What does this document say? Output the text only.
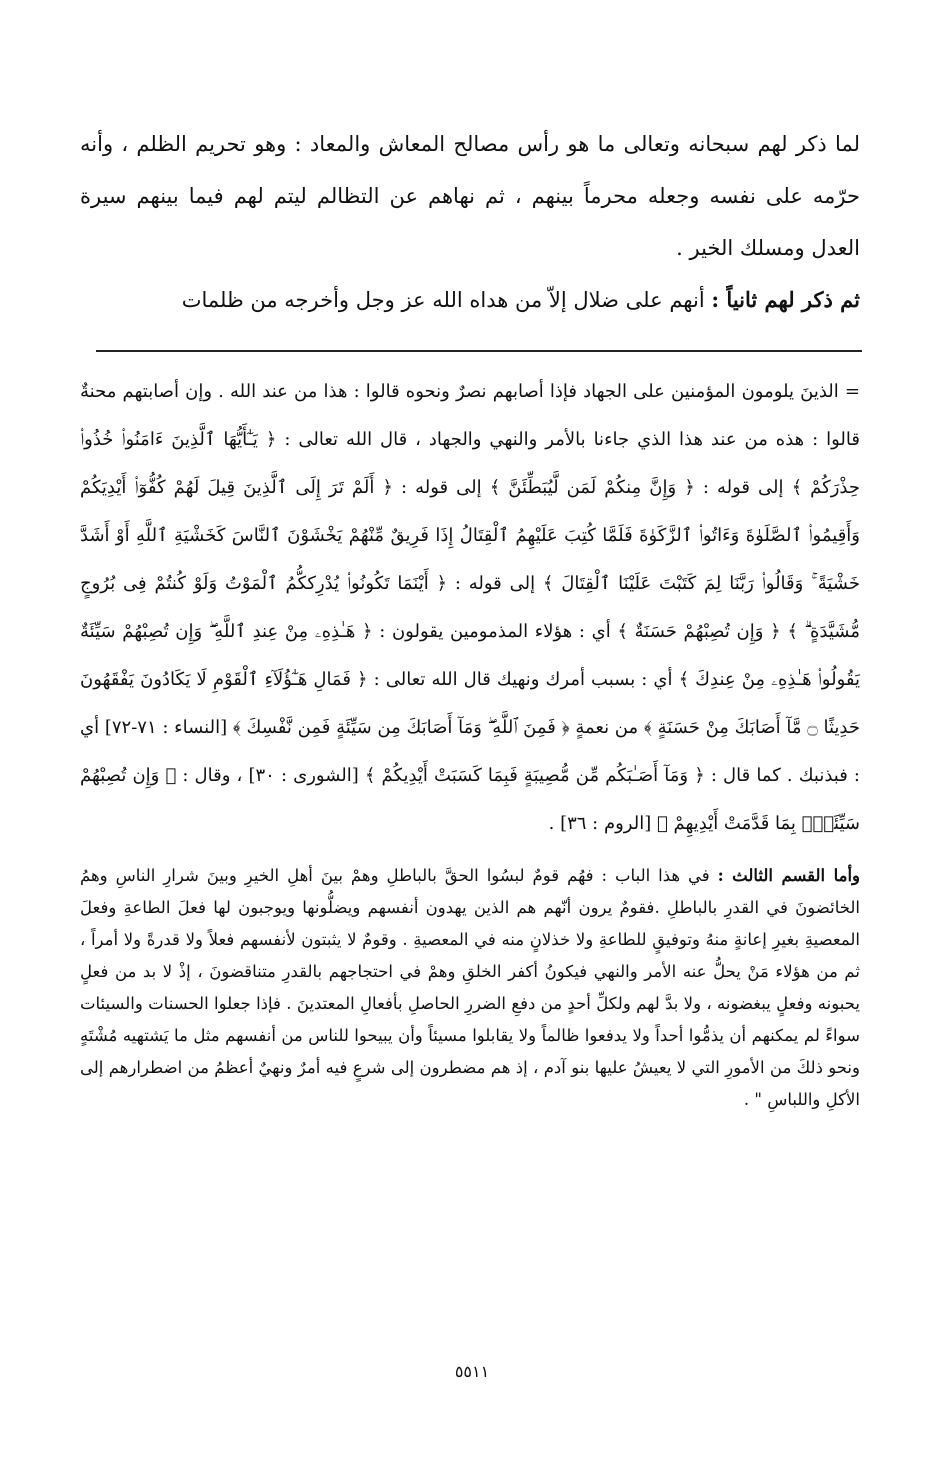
لما ذكر لهم سبحانه وتعالى ما هو رأس مصالح المعاش والمعاد : وهو تحريم الظلم ، وأنه حرّمه على نفسه وجعله محرماً بينهم ، ثم نهاهم عن التظالم ليتم لهم فيما بينهم سيرة العدل ومسلك الخير .

ثم ذكر لهم ثانياً : أنهم على ضلال إلاّ من هداه الله عز وجل وأخرجه من ظلمات

= الذينَ يلومون المؤمنين على الجهاد فإذا أصابهم نصرٌ ونحوه قالوا : هذا من عند الله . وإن أصابتهم محنةٌ قالوا : هذه من عند هذا الذي جاءنا بالأمر والنهي والجهاد ، قال الله تعالى : ﴿ يَـٰٓأَيُّهَا ٱلَّذِينَ ءَامَنُوا۟ خُذُوا۟ حِذْرَكُمْ ﴾ إلى قوله : ﴿ وَإِنَّ مِنكُمْ لَمَن لَّيُبَطِّئَنَّ ﴾ إلى قوله : ﴿ أَلَمْ تَرَ إِلَى ٱلَّذِينَ قِيلَ لَهُمْ كُفُّوٓا۟ أَيْدِيَكُمْ وَأَقِيمُوا۟ ٱلصَّلَوٰةَ وَءَاتُوا۟ ٱلزَّكَوٰةَ فَلَمَّا كُتِبَ عَلَيْهِمُ ٱلْقِتَالُ إِذَا فَرِيقٌ مِّنْهُمْ يَخْشَوْنَ ٱلنَّاسَ كَخَشْيَةِ ٱللَّهِ أَوْ أَشَدَّ خَشْيَةً ۚ وَقَالُوا۟ رَبَّنَا لِمَ كَتَبْتَ عَلَيْنَا ٱلْقِتَالَ ﴾ إلى قوله : ﴿ أَيْنَمَا تَكُونُوا۟ يُدْرِككُّمُ ٱلْمَوْتُ وَلَوْ كُنتُمْ فِى بُرُوجٍ مُّشَيَّدَةٍ ۗ ﴾ ﴿ وَإِن تُصِبْهُمْ حَسَنَةٌ ﴾ أي : هؤلاء المذمومين يقولون : ﴿ هَـٰذِهِۦ مِنْ عِندِ ٱللَّهِ ۖ وَإِن تُصِبْهُمْ سَيِّئَةٌ يَقُولُوا۟ هَـٰذِهِۦ مِنْ عِندِكَ ﴾ أي : بسبب أمرك ونهيك قال الله تعالى : ﴿ فَمَالِ هَـٰٓؤُلَآءِ ٱلْقَوْمِ لَا يَكَادُونَ يَفْقَهُونَ حَدِيثًا ۝ مَّآ أَصَابَكَ مِنْ حَسَنَةٍ ﴾ من نعمةٍ ﴿ فَمِنَ ٱللَّهِ ۖ وَمَآ أَصَابَكَ مِن سَيِّئَةٍ فَمِن نَّفْسِكَ ﴾ [النساء : ٧١-٧٢] أي : فبذنبك . كما قال : ﴿ وَمَآ أَصَـٰبَكُم مِّن مُّصِيبَةٍ فَبِمَا كَسَبَتْ أَيْدِيكُمْ ﴾ [الشورى : ٣٠] ، وقال : ﴿ وَإِن تُصِبْهُمْ سَيِّئَةٌۢ بِمَا قَدَّمَتْ أَيْدِيهِمْ ﴾ [الروم : ٣٦] .

وأما القسم الثالث : في هذا الباب : فهُم قومٌ لبسُوا الحقَّ بالباطلِ وهمْ بينَ أهلِ الخيرِ وبينَ شرارِ الناسِ وهمُ الخائضونَ في القدرِ بالباطلِ .فقومٌ يرون أنّهم هم الذين يهدون أنفسهم ويضلُّونها ويوجبون لها فعلَ الطاعةِ وفعلَ المعصيةِ بغيرِ إعانةٍ منهُ وتوفيقٍ للطاعةِ ولا خذلانٍ منه في المعصيةِ . وقومٌ لا يثبتون لأنفسهم فعلاً ولا قدرةً ولا أمراً ، ثم من هؤلاء مَنْ يحلُّ عنه الأمر والنهي فيكونُ أكفر الخلقِ وهمْ في احتجاجهم بالقدرِ متناقضونَ ، إذْ لا بد من فعلٍ يحبونه وفعلٍ يبغضونه ، ولا بدَّ لهم ولكلِّ أحدٍ من دفعِ الضررِ الحاصلِ بأفعالِ المعتدينَ . فإذا جعلوا الحسنات والسيئات سواءً لم يمكنهم أن يذمُّوا أحداً ولا يدفعوا ظالماً ولا يقابلوا مسيئاً وأن يبيحوا للناس من أنفسهم مثل ما يَشتهيه مُشْتَهٍ ونحو ذلكَ من الأمورِ التي لا يعيشُ عليها بنو آدم ، إذ هم مضطرون إلى شرعٍ فيه أمرٌ ونهيٌ أعظمُ من اضطرارهم إلى الأكلِ واللباسِ " .

٥٥١١
